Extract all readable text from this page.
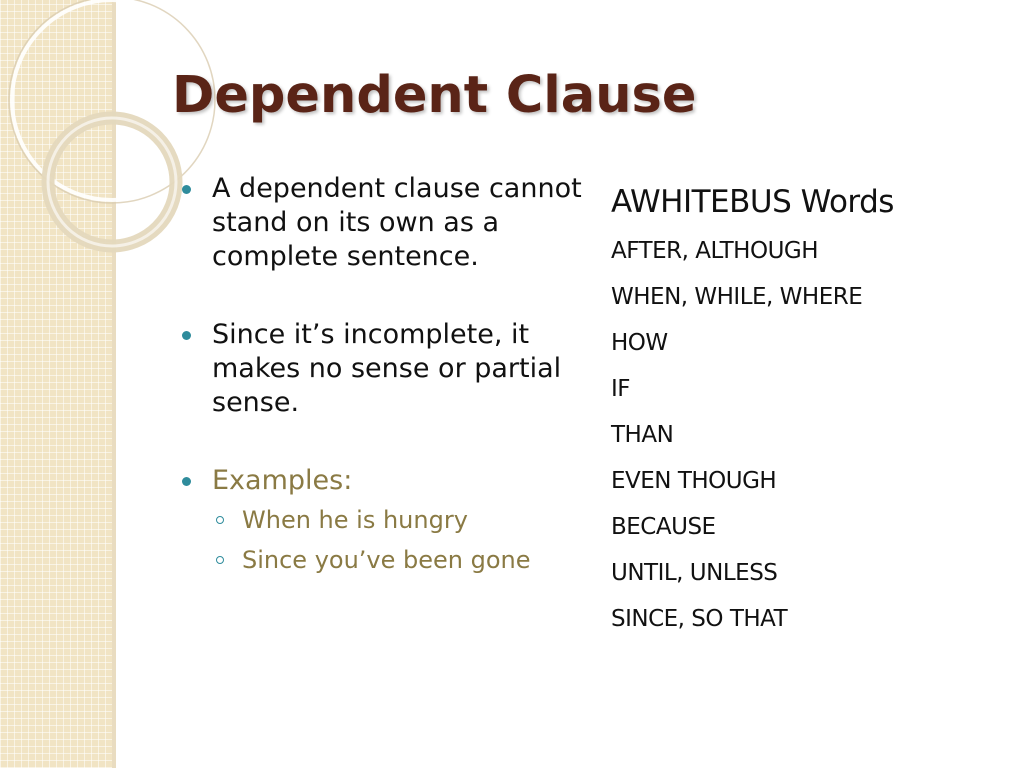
Dependent Clause
A dependent clause cannot stand on its own as a complete sentence.
Since it’s incomplete, it makes no sense or partial sense.
Examples:
When he is hungry
Since you’ve been gone
AWHITEBUS Words
AFTER, ALTHOUGH
WHEN, WHILE, WHERE
HOW
IF
THAN
EVEN THOUGH
BECAUSE
UNTIL, UNLESS
SINCE, SO THAT
